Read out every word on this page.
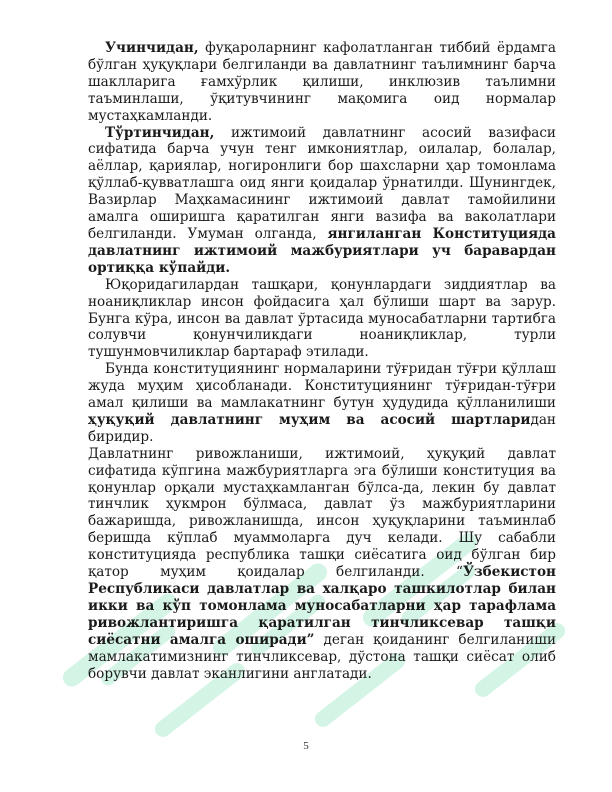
Учинчидан, фуқароларнинг кафолатланган тиббий ёрдамга бўлган ҳуқуқлари белгиланди ва давлатнинг таълимнинг барча шаклларига ғамхўрлик қилиши, инклюзив таълимни таъминлаши, ўқитувчининг мақомига оид нормалар мустаҳкамланди.

Тўртинчидан, ижтимоий давлатнинг асосий вазифаси сифатида барча учун тенг имкониятлар, оилалар, болалар, аёллар, қариялар, ногиронлиги бор шахсларни ҳар томонлама қўллаб-қувватлашга оид янги қоидалар ўрнатилди. Шунингдек, Вазирлар Маҳкамасининг ижтимоий давлат тамойилини амалга оширишга қаратилган янги вазифа ва ваколатлари белгиланди. Умуман олганда, янгиланган Конституцияда давлатнинг ижтимоий мажбуриятлари уч баравардан ортиққа кўпайди.

Юқоридагилардан ташқари, қонунлардаги зиддиятлар ва ноаниқликлар инсон фойдасига ҳал бўлиши шарт ва зарур. Бунга кўра, инсон ва давлат ўртасида муносабатларни тартибга солувчи қонунчиликдаги ноаниқликлар, турли тушунмовчиликлар бартараф этилади.

Бунда конституциянинг нормаларини тўғридан тўғри қўллаш жуда муҳим ҳисобланади. Конституциянинг тўғридан-тўғри амал қилиши ва мамлакатнинг бутун ҳудудида қўлланилиши ҳуқуқий давлатнинг муҳим ва асосий шартларидан биридир.

Давлатнинг ривожланиши, ижтимоий, ҳуқуқий давлат сифатида кўпгина мажбуриятларга эга бўлиши конституция ва қонунлар орқали мустаҳкамланган бўлса-да, лекин бу давлат тинчлик ҳукмрон бўлмаса, давлат ўз мажбуриятларини бажаришда, ривожланишда, инсон ҳуқуқларини таъминлаб беришда кўплаб муаммоларга дуч келади. Шу сабабли конституцияда республика ташқи сиёсатига оид бўлган бир қатор муҳим қоидалар белгиланди. “Ўзбекистон Республикаси давлатлар ва халқаро ташкилотлар билан икки ва кўп томонлама муносабатларни ҳар тарафлама ривожлантиришга қаратилган тинчликсевар ташқи сиёсатни амалга оширади” деган қоиданинг белгиланиши мамлакатимизнинг тинчликсевар, дўстона ташқи сиёсат олиб борувчи давлат эканлигини англатади.

5
